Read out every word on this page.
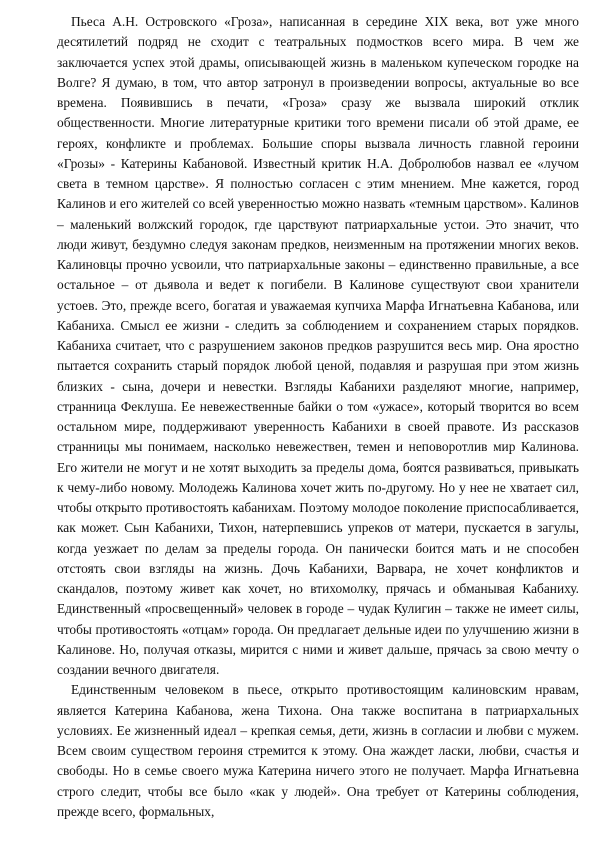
Пьеса А.Н. Островского «Гроза», написанная в середине XIX века, вот уже много десятилетий подряд не сходит с театральных подмостков всего мира. В чем же заключается успех этой драмы, описывающей жизнь в маленьком купеческом городке на Волге? Я думаю, в том, что автор затронул в произведении вопросы, актуальные во все времена. Появившись в печати, «Гроза» сразу же вызвала широкий отклик общественности. Многие литературные критики того времени писали об этой драме, ее героях, конфликте и проблемах. Большие споры вызвала личность главной героини «Грозы» - Катерины Кабановой. Известный критик Н.А. Добролюбов назвал ее «лучом света в темном царстве». Я полностью согласен с этим мнением. Мне кажется, город Калинов и его жителей со всей уверенностью можно назвать «темным царством». Калинов – маленький волжский городок, где царствуют патриархальные устои. Это значит, что люди живут, бездумно следуя законам предков, неизменным на протяжении многих веков. Калиновцы прочно усвоили, что патриархальные законы – единственно правильные, а все остальное – от дьявола и ведет к погибели. В Калинове существуют свои хранители устоев. Это, прежде всего, богатая и уважаемая купчиха Марфа Игнатьевна Кабанова, или Кабаниха. Смысл ее жизни - следить за соблюдением и сохранением старых порядков. Кабаниха считает, что с разрушением законов предков разрушится весь мир. Она яростно пытается сохранить старый порядок любой ценой, подавляя и разрушая при этом жизнь близких - сына, дочери и невестки. Взгляды Кабанихи разделяют многие, например, странница Феклуша. Ее невежественные байки о том «ужасе», который творится во всем остальном мире, поддерживают уверенность Кабанихи в своей правоте. Из рассказов странницы мы понимаем, насколько невежествен, темен и неповоротлив мир Калинова. Его жители не могут и не хотят выходить за пределы дома, боятся развиваться, привыкать к чему-либо новому. Молодежь Калинова хочет жить по-другому. Но у нее не хватает сил, чтобы открыто противостоять кабанихам. Поэтому молодое поколение приспосабливается, как может. Сын Кабанихи, Тихон, натерпевшись упреков от матери, пускается в загулы, когда уезжает по делам за пределы города. Он панически боится мать и не способен отстоять свои взгляды на жизнь. Дочь Кабанихи, Варвара, не хочет конфликтов и скандалов, поэтому живет как хочет, но втихомолку, прячась и обманывая Кабаниху. Единственный «просвещенный» человек в городе – чудак Кулигин – также не имеет силы, чтобы противостоять «отцам» города. Он предлагает дельные идеи по улучшению жизни в Калинове. Но, получая отказы, мирится с ними и живет дальше, прячась за свою мечту о создании вечного двигателя.

Единственным человеком в пьесе, открыто противостоящим калиновским нравам, является Катерина Кабанова, жена Тихона. Она также воспитана в патриархальных условиях. Ее жизненный идеал – крепкая семья, дети, жизнь в согласии и любви с мужем. Всем своим существом героиня стремится к этому. Она жаждет ласки, любви, счастья и свободы. Но в семье своего мужа Катерина ничего этого не получает. Марфа Игнатьевна строго следит, чтобы все было «как у людей». Она требует от Катерины соблюдения, прежде всего, формальных,
